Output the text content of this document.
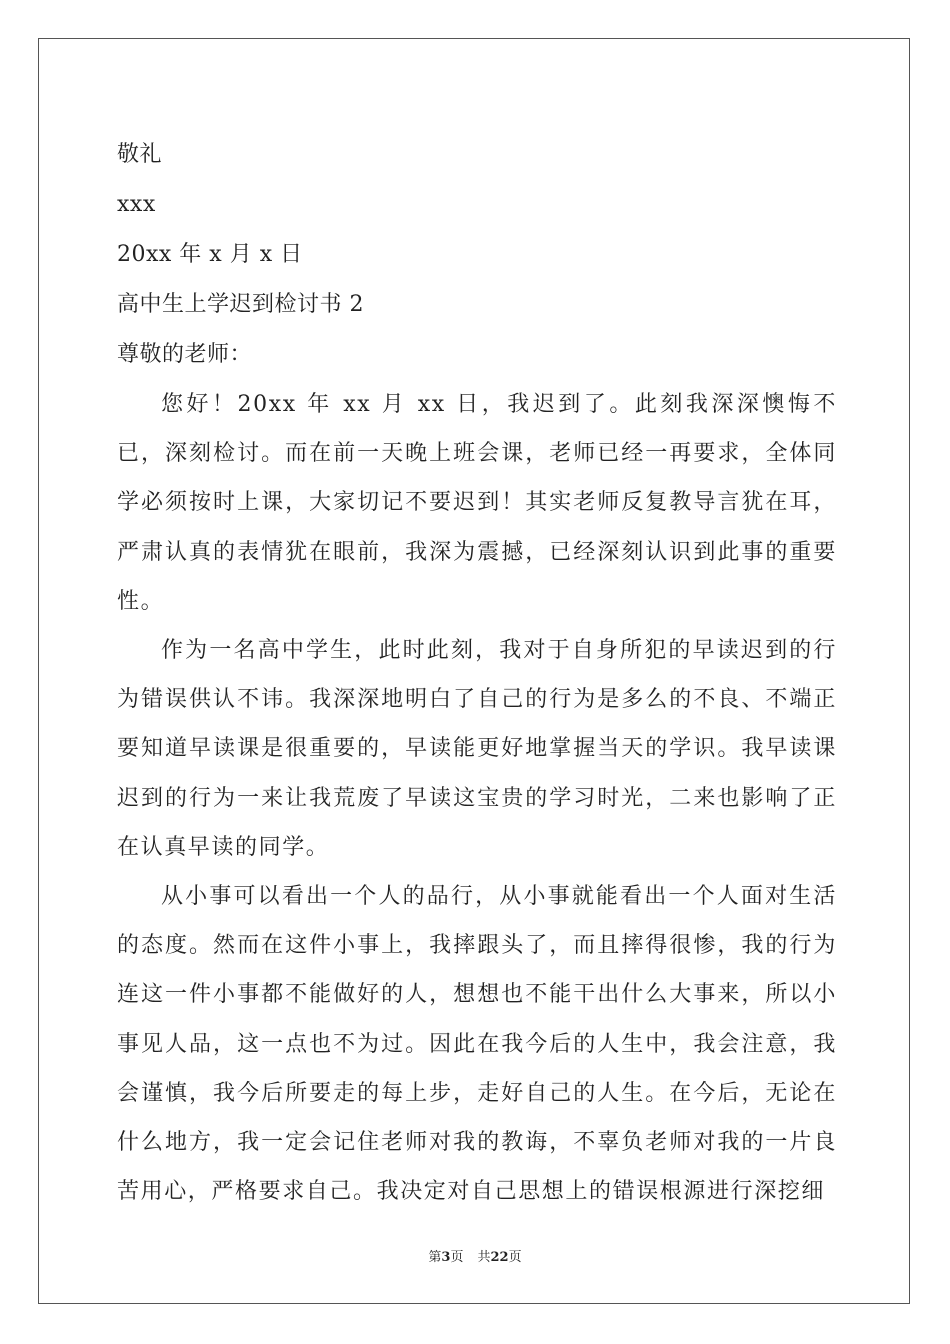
敬礼
xxx
20xx 年 x 月 x 日
高中生上学迟到检讨书 2
尊敬的老师：

您好！20xx 年 xx 月 xx 日，我迟到了。此刻我深深懊悔不已，深刻检讨。而在前一天晚上班会课，老师已经一再要求，全体同学必须按时上课，大家切记不要迟到！其实老师反复教导言犹在耳，严肃认真的表情犹在眼前，我深为震撼，已经深刻认识到此事的重要性。

作为一名高中学生，此时此刻，我对于自身所犯的早读迟到的行为错误供认不讳。我深深地明白了自己的行为是多么的不良、不端正要知道早读课是很重要的，早读能更好地掌握当天的学识。我早读课迟到的行为一来让我荒废了早读这宝贵的学习时光，二来也影响了正在认真早读的同学。

从小事可以看出一个人的品行，从小事就能看出一个人面对生活的态度。然而在这件小事上，我摔跟头了，而且摔得很惨，我的行为连这一件小事都不能做好的人，想想也不能干出什么大事来，所以小事见人品，这一点也不为过。因此在我今后的人生中，我会注意，我会谨慎，我今后所要走的每上步，走好自己的人生。在今后，无论在什么地方，我一定会记住老师对我的教诲，不辜负老师对我的一片良苦用心，严格要求自己。我决定对自己思想上的错误根源进行深挖细

第3页 共22页
